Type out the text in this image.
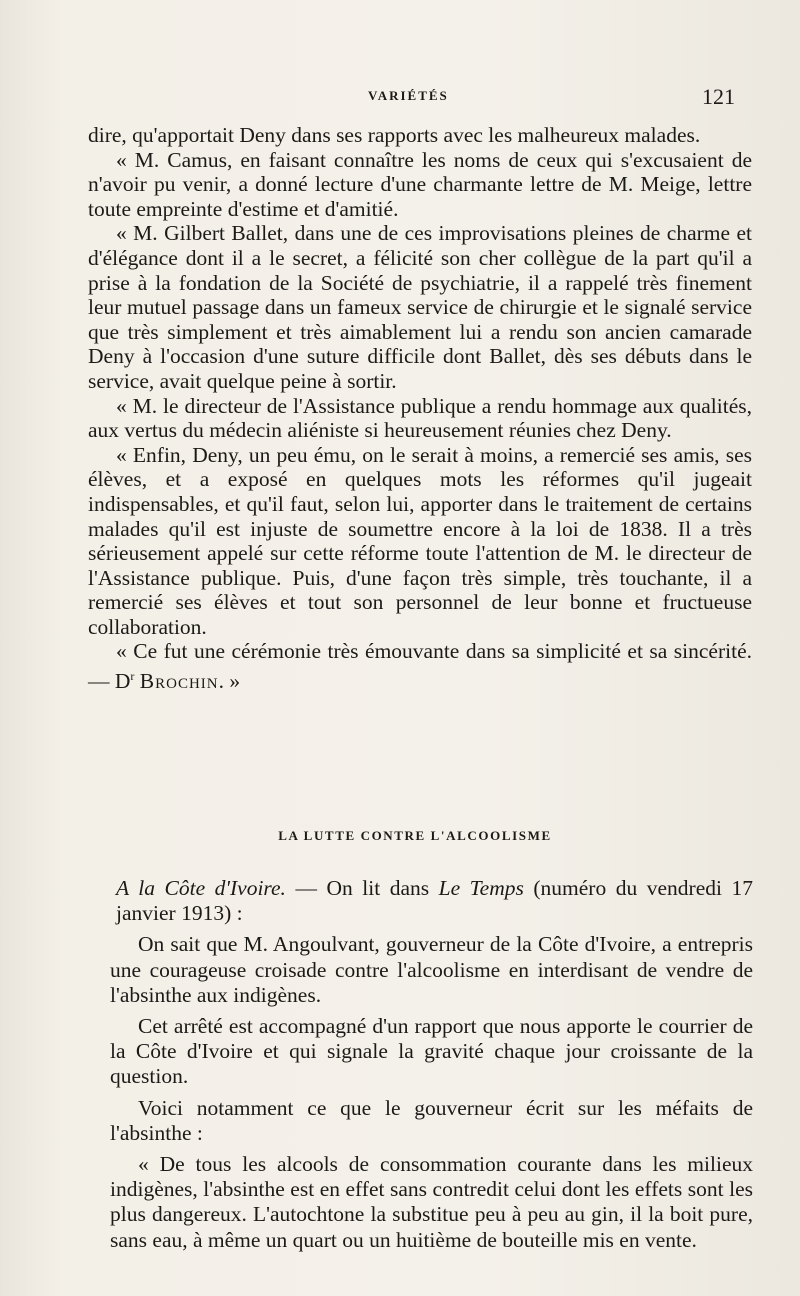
VARIÉTÉS	121

dire, qu'apportait Deny dans ses rapports avec les malheureux malades.

« M. Camus, en faisant connaître les noms de ceux qui s'excusaient de n'avoir pu venir, a donné lecture d'une charmante lettre de M. Meige, lettre toute empreinte d'estime et d'amitié.

« M. Gilbert Ballet, dans une de ces improvisations pleines de charme et d'élégance dont il a le secret, a félicité son cher collègue de la part qu'il a prise à la fondation de la Société de psychiatrie, il a rappelé très finement leur mutuel passage dans un fameux service de chirurgie et le signalé service que très simplement et très aimablement lui a rendu son ancien camarade Deny à l'occasion d'une suture difficile dont Ballet, dès ses débuts dans le service, avait quelque peine à sortir.

« M. le directeur de l'Assistance publique a rendu hommage aux qualités, aux vertus du médecin aliéniste si heureusement réunies chez Deny.

« Enfin, Deny, un peu ému, on le serait à moins, a remercié ses amis, ses élèves, et a exposé en quelques mots les réformes qu'il jugeait indispensables, et qu'il faut, selon lui, apporter dans le traitement de certains malades qu'il est injuste de soumettre encore à la loi de 1838. Il a très sérieusement appelé sur cette réforme toute l'attention de M. le directeur de l'Assistance publique. Puis, d'une façon très simple, très touchante, il a remercié ses élèves et tout son personnel de leur bonne et fructueuse collaboration.

« Ce fut une cérémonie très émouvante dans sa simplicité et sa sincérité. — $D^r$ Brochin. »

LA LUTTE CONTRE L'ALCOOLISME

A la Côte d'Ivoire. — On lit dans Le Temps (numéro du vendredi 17 janvier 1913) :

On sait que M. Angoulvant, gouverneur de la Côte d'Ivoire, a entrepris une courageuse croisade contre l'alcoolisme en interdisant de vendre de l'absinthe aux indigènes.

Cet arrêté est accompagné d'un rapport que nous apporte le courrier de la Côte d'Ivoire et qui signale la gravité chaque jour croissante de la question.

Voici notamment ce que le gouverneur écrit sur les méfaits de l'absinthe :

« De tous les alcools de consommation courante dans les milieux indigènes, l'absinthe est en effet sans contredit celui dont les effets sont les plus dangereux. L'autochtone la substitue peu à peu au gin, il la boit pure, sans eau, à même un quart ou un huitième de bouteille mis en vente.
